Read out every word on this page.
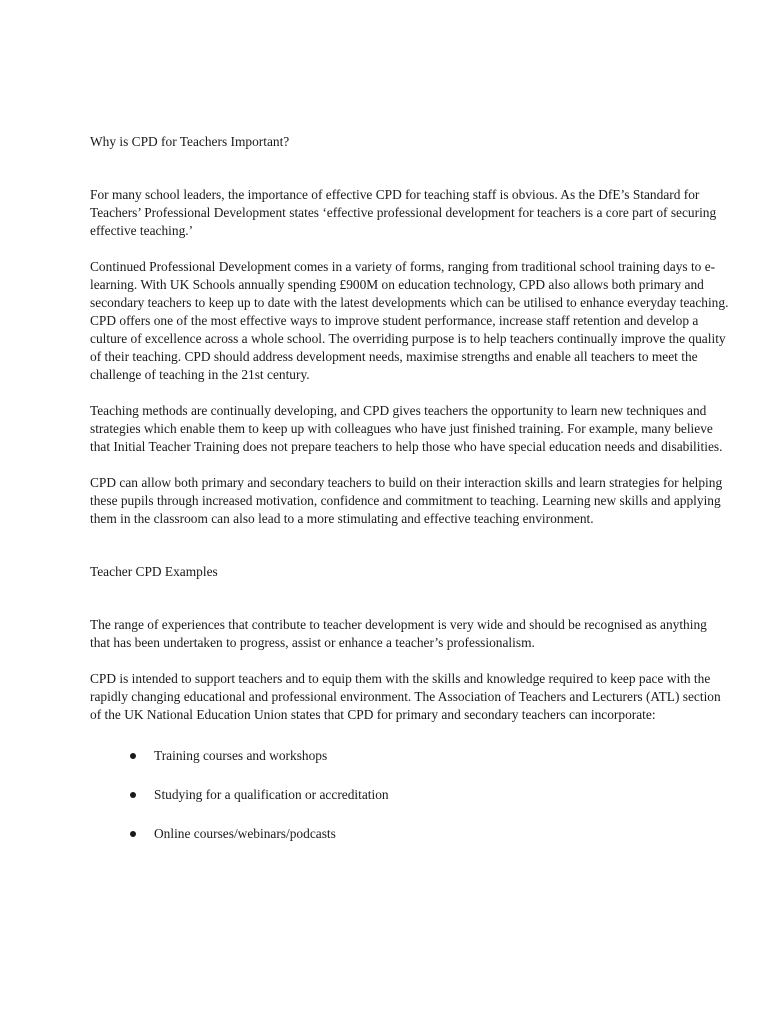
Why is CPD for Teachers Important?

For many school leaders, the importance of effective CPD for teaching staff is obvious. As the DfE’s Standard for Teachers’ Professional Development states ‘effective professional development for teachers is a core part of securing effective teaching.’

Continued Professional Development comes in a variety of forms, ranging from traditional school training days to e-learning. With UK Schools annually spending £900M on education technology, CPD also allows both primary and secondary teachers to keep up to date with the latest developments which can be utilised to enhance everyday teaching. CPD offers one of the most effective ways to improve student performance, increase staff retention and develop a culture of excellence across a whole school. The overriding purpose is to help teachers continually improve the quality of their teaching. CPD should address development needs, maximise strengths and enable all teachers to meet the challenge of teaching in the 21st century.

Teaching methods are continually developing, and CPD gives teachers the opportunity to learn new techniques and strategies which enable them to keep up with colleagues who have just finished training. For example, many believe that Initial Teacher Training does not prepare teachers to help those who have special education needs and disabilities.

CPD can allow both primary and secondary teachers to build on their interaction skills and learn strategies for helping these pupils through increased motivation, confidence and commitment to teaching. Learning new skills and applying them in the classroom can also lead to a more stimulating and effective teaching environment.

Teacher CPD Examples

The range of experiences that contribute to teacher development is very wide and should be recognised as anything that has been undertaken to progress, assist or enhance a teacher’s professionalism.

CPD is intended to support teachers and to equip them with the skills and knowledge required to keep pace with the rapidly changing educational and professional environment. The Association of Teachers and Lecturers (ATL) section of the UK National Education Union states that CPD for primary and secondary teachers can incorporate:

Training courses and workshops
Studying for a qualification or accreditation
Online courses/webinars/podcasts
